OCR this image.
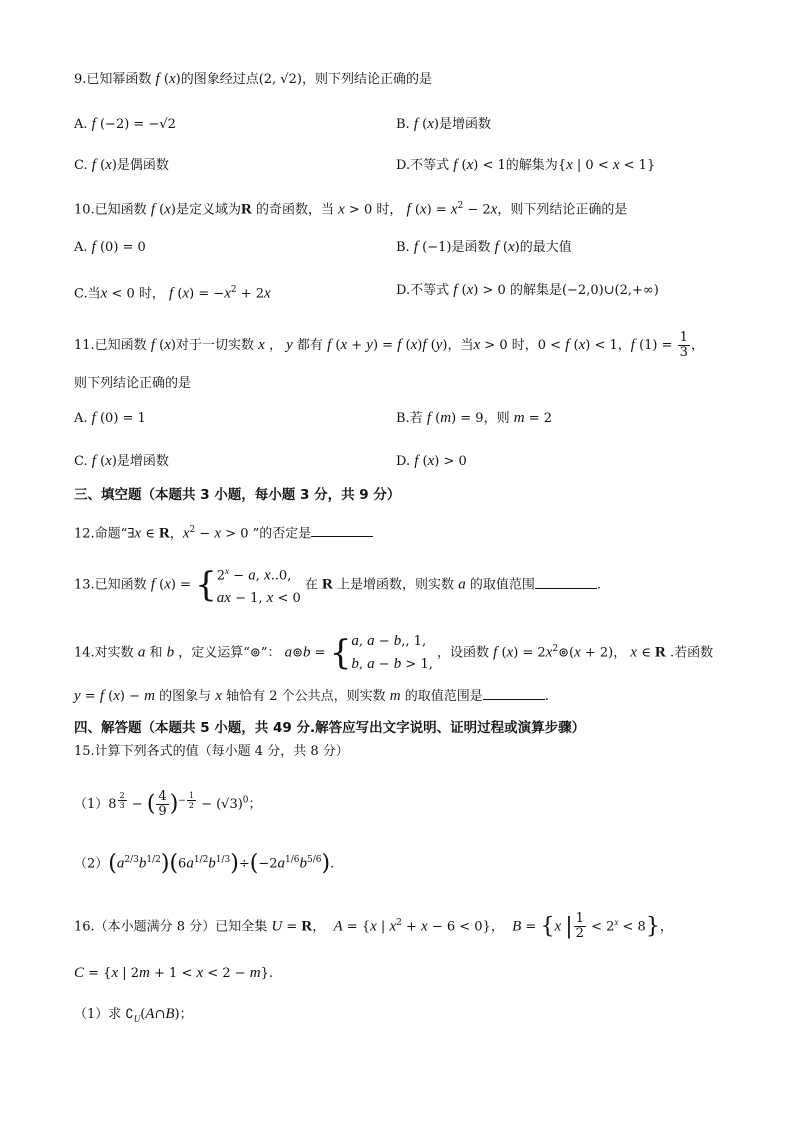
9.已知幂函数 f (x)的图象经过点(2, √2)，则下列结论正确的是
A. f (−2) = −√2	B. f (x)是增函数
C. f (x)是偶函数	D.不等式 f (x) < 1的解集为{x | 0 < x < 1}
10.已知函数 f (x)是定义域为R 的奇函数，当 x > 0 时， f $(x) = x^2 - 2x$，则下列结论正确的是
A. f (0) = 0	B. f (−1)是函数 f (x)的最大值
C.当x < 0 时， f $(x) = -x^2 + 2x$	D.不等式 f (x) > 0 的解集是(−2,0)∪(2,+∞)
11.已知函数 f (x)对于一切实数 x ， y 都有 f (x + y) = f (x)f (y)，当x > 0 时，0 < f (x) < 1，f $(1) = \frac{1}{3}$ ，
则下列结论正确的是
A. f (0) = 1	B.若 f (m) = 9，则 m = 2
C. f (x)是增函数	D. f (x) > 0
三、填空题（本题共 3 小题，每小题 3 分，共 9 分）
12.命题“∃x ∈ R，$x^2 - x > 0$ ”的否定是
13.已知函数 f (x) = { $2^x - a$, x..0,
ax − 1, x < 0
在 R 上是增函数，则实数 a 的取值范围	.
14.对实数 a 和 b ，定义运算“⊚”： a⊚b = { a, a − b,, 1,
b, a − b > 1,
，设函数 f $(x) = 2x^2⊚(x + 2)$， x ∈ R .若函数
y = f (x) − m 的图象与 x 轴恰有 2 个公共点，则实数 m 的取值范围是	.
四、解答题（本题共 5 小题，共 49 分.解答应写出文字说明、证明过程或演算步骤）
15.计算下列各式的值（每小题 4 分，共 8 分）
（1）8 $^{\frac{2}{3}}$ − ( $\frac{4}{9} )^{- \frac{1}{2}} - (√3)^0$；
$(2)(a^{2/3}b^{1/2})(6a^{1/2}b^{1/3})\div(-2a^{1/6}b^{5/6})$.
16.（本小题满分 8 分）已知全集 U = R， A = {x | $x^2 + x - 6 < 0$}，  B = {x | $\frac{1}{2} < 2^x < 8$}，
C = {x | 2m + 1 < x < 2 − m}.
（1）求 $∁_U(A\cap B)$；
